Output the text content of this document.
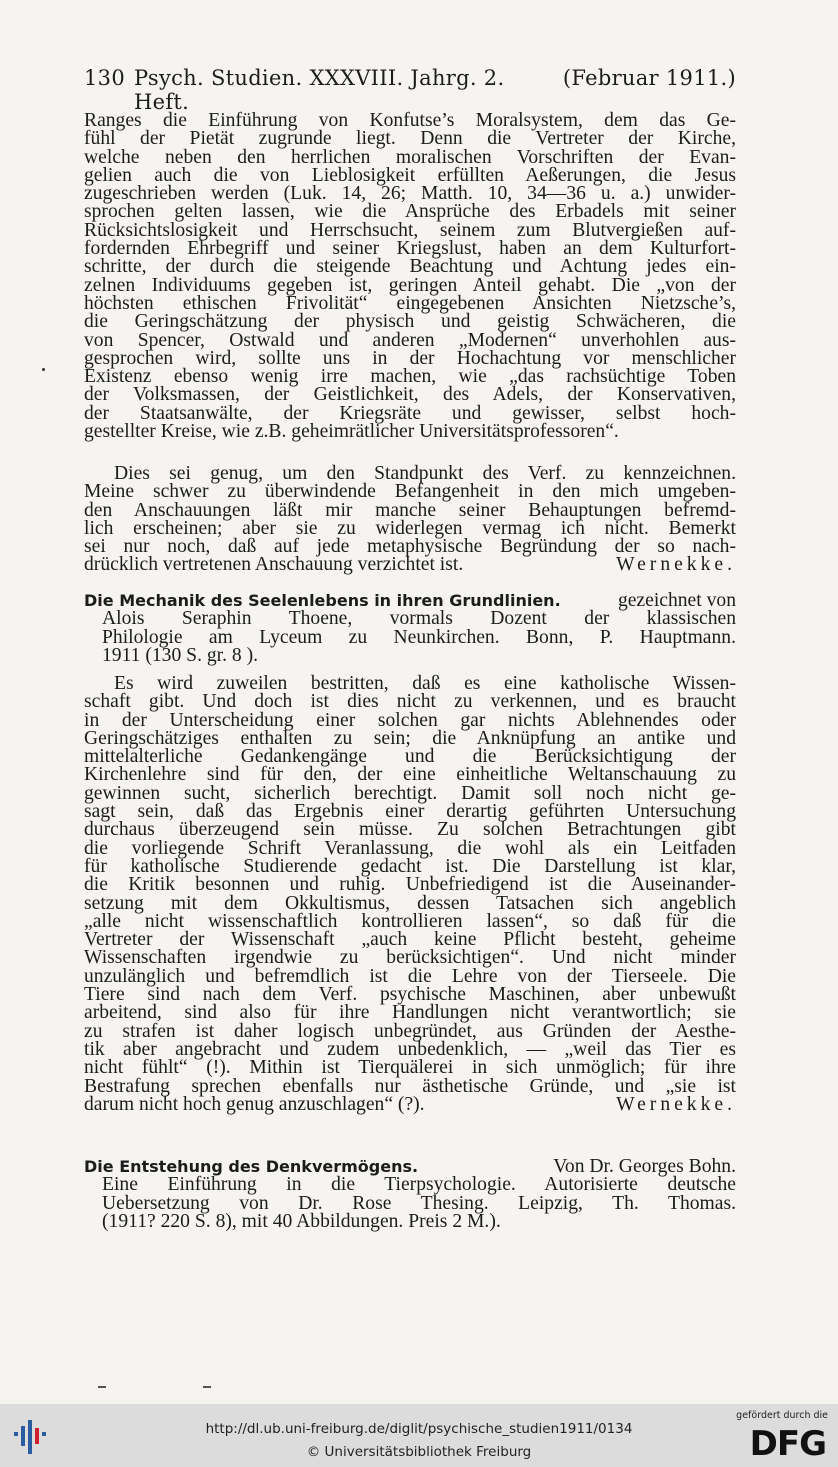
130 Psych. Studien. XXXVIII. Jahrg. 2. Heft.
(Februar 1911.)
Ranges die Einführung von Konfutse’s Moralsystem, dem das Ge-
fühl der Pietät zugrunde liegt. Denn die Vertreter der Kirche,
welche neben den herrlichen moralischen Vorschriften der Evan-
gelien auch die von Lieblosigkeit erfüllten Aeßerungen, die Jesus
zugeschrieben werden (Luk. 14, 26; Matth. 10, 34—36 u. a.) unwider-
sprochen gelten lassen, wie die Ansprüche des Erbadels mit seiner
Rücksichtslosigkeit und Herrschsucht, seinem zum Blutvergießen auf-
fordernden Ehrbegriff und seiner Kriegslust, haben an dem Kulturfort-
schritte, der durch die steigende Beachtung und Achtung jedes ein-
zelnen Individuums gegeben ist, geringen Anteil gehabt. Die „von der
höchsten ethischen Frivolität“ eingegebenen Ansichten Nietzsche’s,
die Geringschätzung der physisch und geistig Schwächeren, die
von Spencer, Ostwald und anderen „Modernen“ unverhohlen aus-
gesprochen wird, sollte uns in der Hochachtung vor menschlicher
Existenz ebenso wenig irre machen, wie „das rachsüchtige Toben
der Volksmassen, der Geistlichkeit, des Adels, der Konservativen,
der Staatsanwälte, der Kriegsräte und gewisser, selbst hoch-
gestellter Kreise, wie z.B. geheimrätlicher Universitätsprofessoren“.
Dies sei genug, um den Standpunkt des Verf. zu kennzeichnen.
Meine schwer zu überwindende Befangenheit in den mich umgeben-
den Anschauungen läßt mir manche seiner Behauptungen befremd-
lich erscheinen; aber sie zu widerlegen vermag ich nicht. Bemerkt
sei nur noch, daß auf jede metaphysische Begründung der so nach-
drücklich vertretenen Anschauung verzichtet ist.	Wernekke.
Die Mechanik des Seelenlebens in ihren Grundlinien.	gezeichnet von
Alois Seraphin Thoene, vormals Dozent der klassischen
Philologie am Lyceum zu Neunkirchen. Bonn, P. Hauptmann.
1911 (130 S. gr. 8 ).
Es wird zuweilen bestritten, daß es eine katholische Wissen-
schaft gibt. Und doch ist dies nicht zu verkennen, und es braucht
in der Unterscheidung einer solchen gar nichts Ablehnendes oder
Geringschätziges enthalten zu sein; die Anknüpfung an antike und
mittelalterliche Gedankengänge und die Berücksichtigung der
Kirchenlehre sind für den, der eine einheitliche Weltanschauung zu
gewinnen sucht, sicherlich berechtigt. Damit soll noch nicht ge-
sagt sein, daß das Ergebnis einer derartig geführten Untersuchung
durchaus überzeugend sein müsse. Zu solchen Betrachtungen gibt
die vorliegende Schrift Veranlassung, die wohl als ein Leitfaden
für katholische Studierende gedacht ist. Die Darstellung ist klar,
die Kritik besonnen und ruhig. Unbefriedigend ist die Auseinander-
setzung mit dem Okkultismus, dessen Tatsachen sich angeblich
„alle nicht wissenschaftlich kontrollieren lassen“, so daß für die
Vertreter der Wissenschaft „auch keine Pflicht besteht, geheime
Wissenschaften irgendwie zu berücksichtigen“. Und nicht minder
unzulänglich und befremdlich ist die Lehre von der Tierseele. Die
Tiere sind nach dem Verf. psychische Maschinen, aber unbewußt
arbeitend, sind also für ihre Handlungen nicht verantwortlich; sie
zu strafen ist daher logisch unbegründet, aus Gründen der Aesthe-
tik aber angebracht und zudem unbedenklich, — „weil das Tier es
nicht fühlt“ (!). Mithin ist Tierquälerei in sich unmöglich; für ihre
Bestrafung sprechen ebenfalls nur ästhetische Gründe, und „sie ist
darum nicht hoch genug anzuschlagen“ (?).	Wernekke.
Die Entstehung des Denkvermögens.	Von Dr. Georges Bohn.
Eine Einführung in die Tierpsychologie. Autorisierte deutsche
Uebersetzung von Dr. Rose Thesing. Leipzig, Th. Thomas.
(1911? 220 S. 8), mit 40 Abbildungen. Preis 2 M.).
http://dl.ub.uni-freiburg.de/diglit/psychische_studien1911/0134
© Universitätsbibliothek Freiburg
gefördert durch die
DFG
